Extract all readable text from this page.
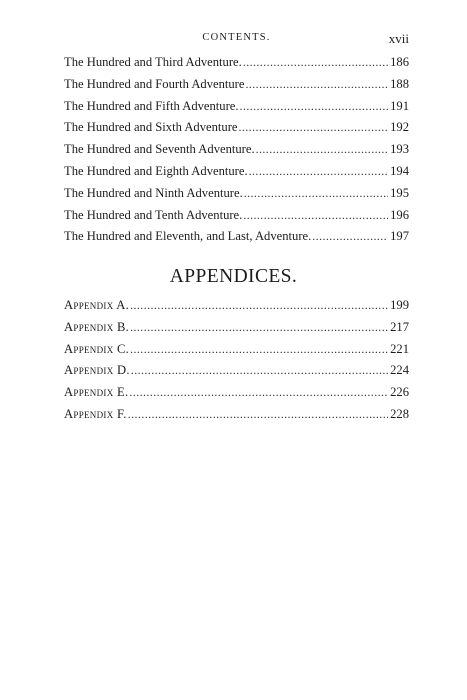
CONTENTS.	xvii
The Hundred and Third Adventure. .....	186
The Hundred and Fourth Adventure .....	188
The Hundred and Fifth Adventure. .....	191
The Hundred and Sixth Adventure .....	192
The Hundred and Seventh Adventure. .....	193
The Hundred and Eighth Adventure. .....	194
The Hundred and Ninth Adventure. .....	195
The Hundred and Tenth Adventure. .....	196
The Hundred and Eleventh, and Last, Adventure. .....	197
APPENDICES.
Appendix A. .....	199
Appendix B. .....	217
Appendix C. .....	221
Appendix D. .....	224
Appendix E. .....	226
Appendix F. .....	228
